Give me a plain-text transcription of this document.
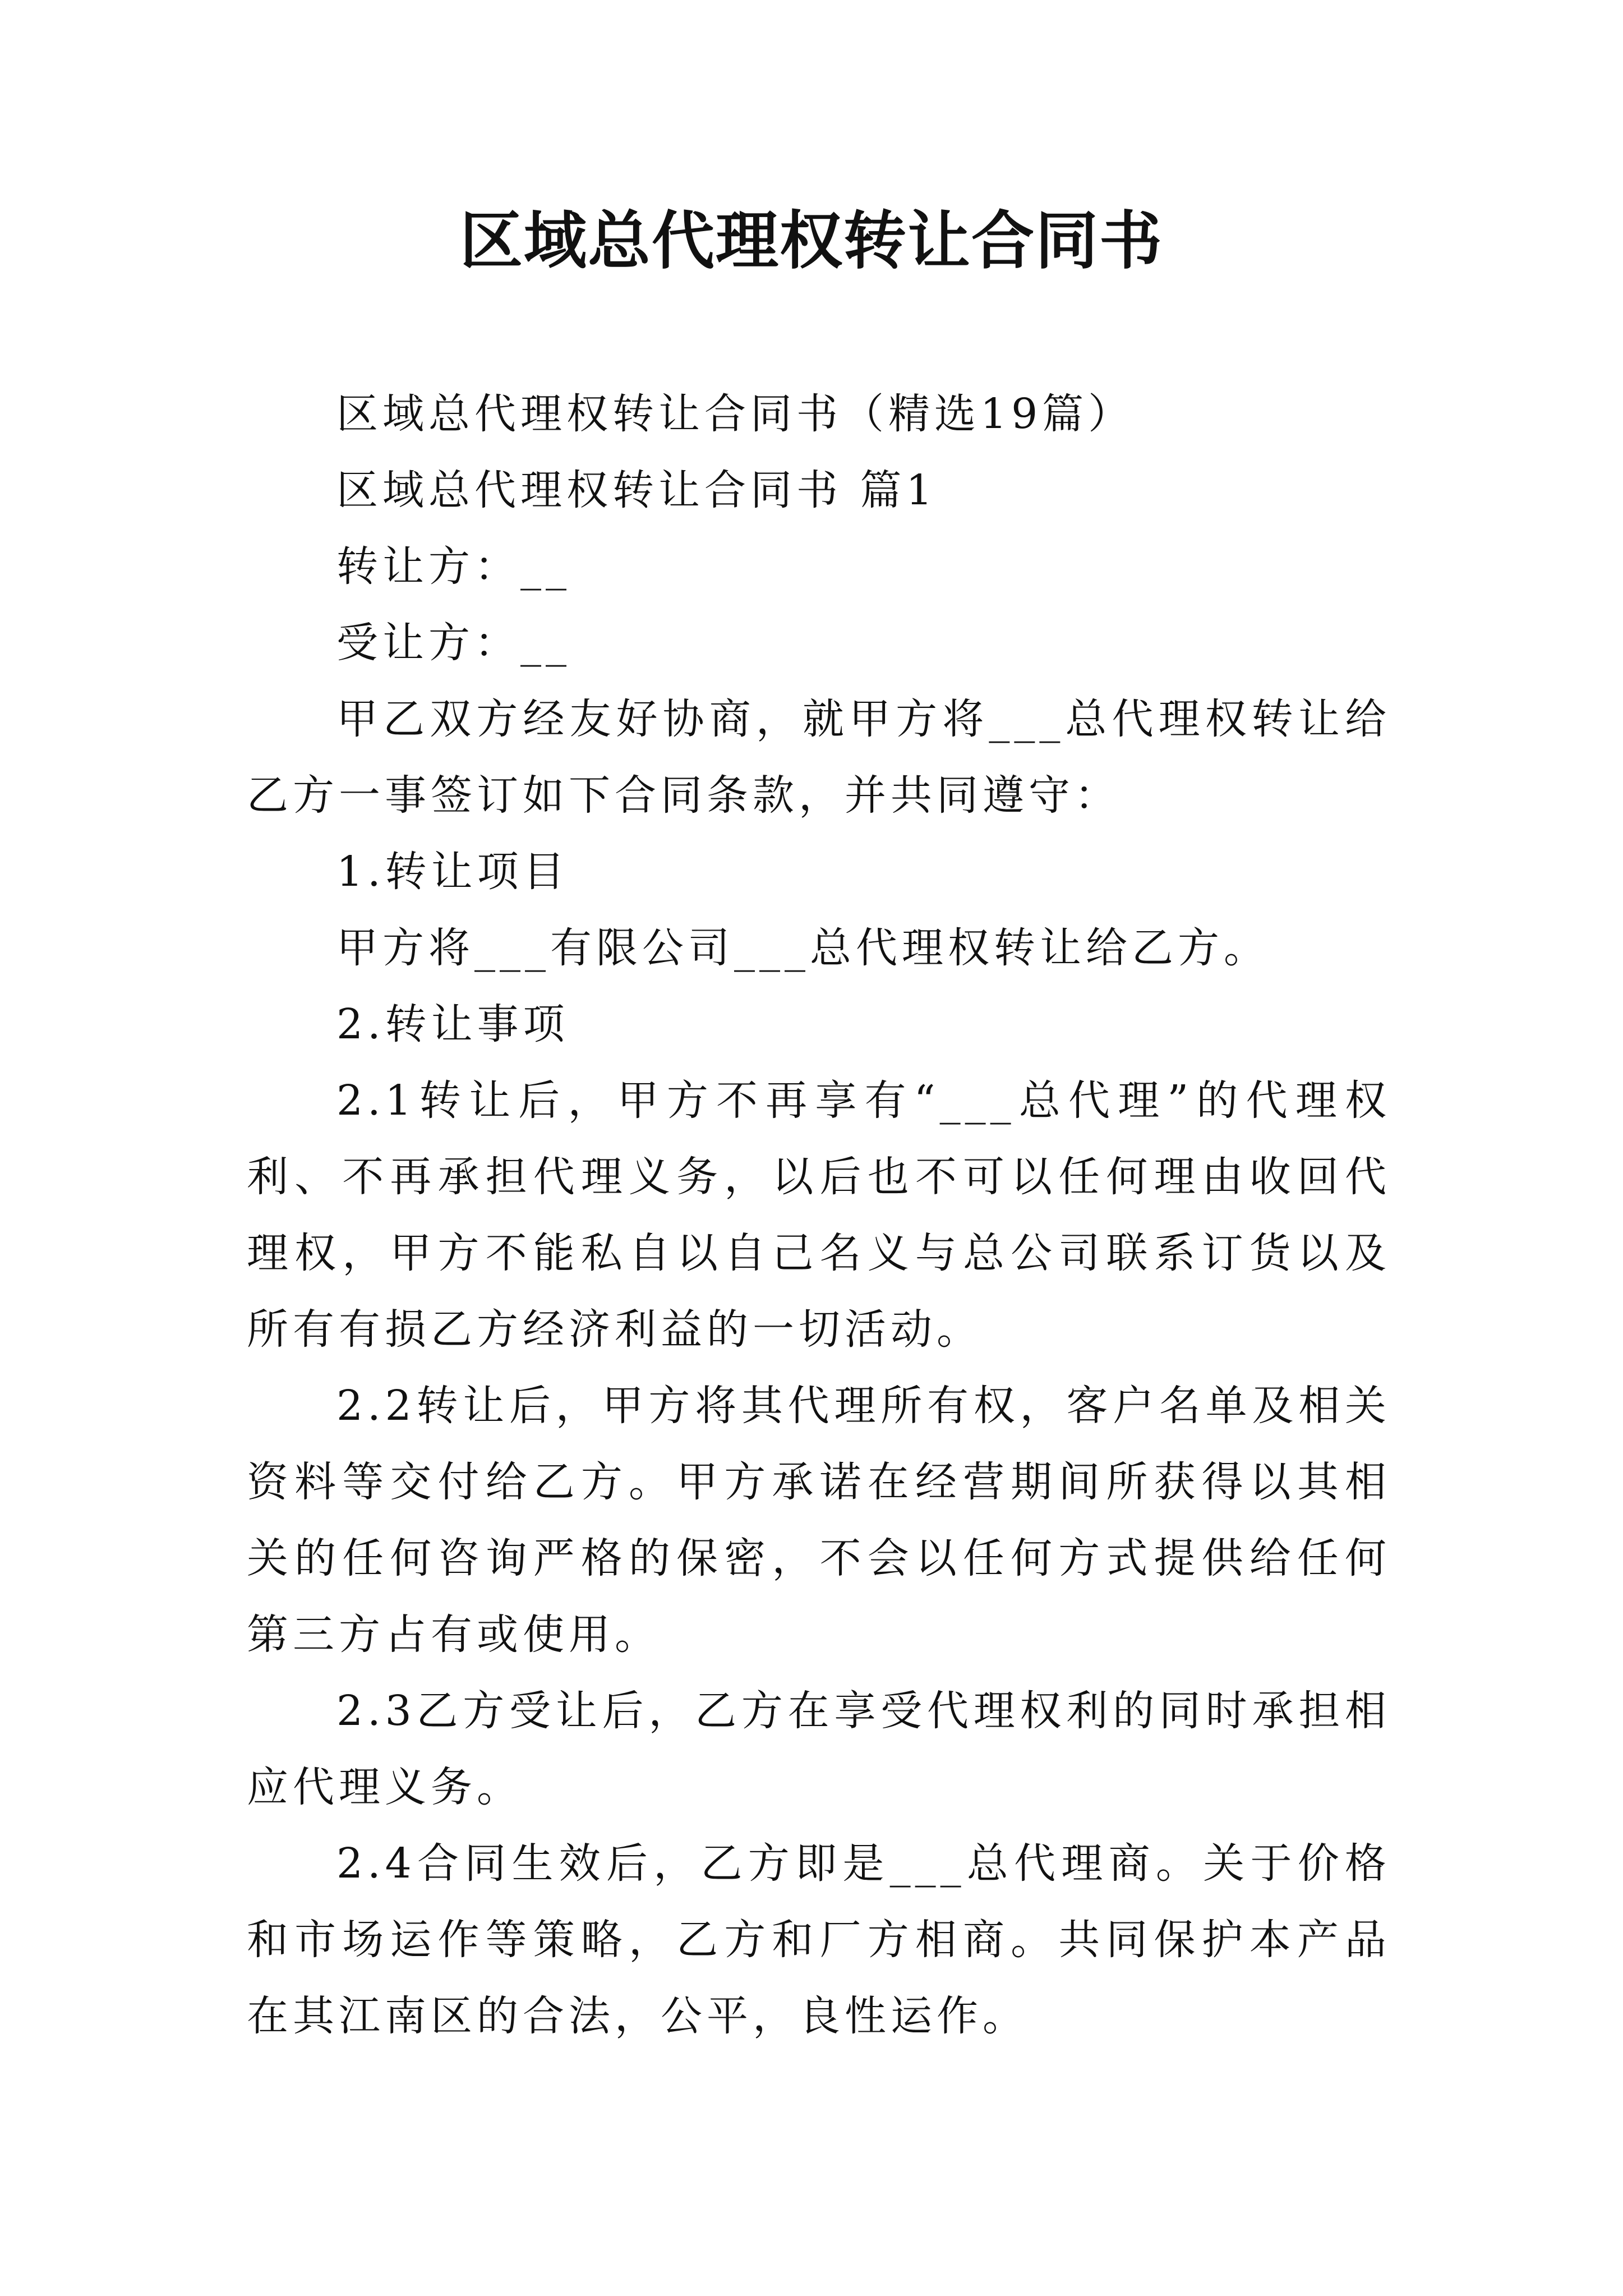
区域总代理权转让合同书

区域总代理权转让合同书（精选19篇）

区域总代理权转让合同书 篇1

转让方：__

受让方：__

甲乙双方经友好协商，就甲方将___总代理权转让给乙方一事签订如下合同条款，并共同遵守：

1.转让项目

甲方将___有限公司___总代理权转让给乙方。

2.转让事项

2.1转让后，甲方不再享有“___总代理”的代理权利、不再承担代理义务，以后也不可以任何理由收回代理权，甲方不能私自以自己名义与总公司联系订货以及所有有损乙方经济利益的一切活动。

2.2转让后，甲方将其代理所有权，客户名单及相关资料等交付给乙方。甲方承诺在经营期间所获得以其相关的任何咨询严格的保密，不会以任何方式提供给任何第三方占有或使用。

2.3乙方受让后，乙方在享受代理权利的同时承担相应代理义务。

2.4合同生效后，乙方即是___总代理商。关于价格和市场运作等策略，乙方和厂方相商。共同保护本产品在其江南区的合法，公平，良性运作。
